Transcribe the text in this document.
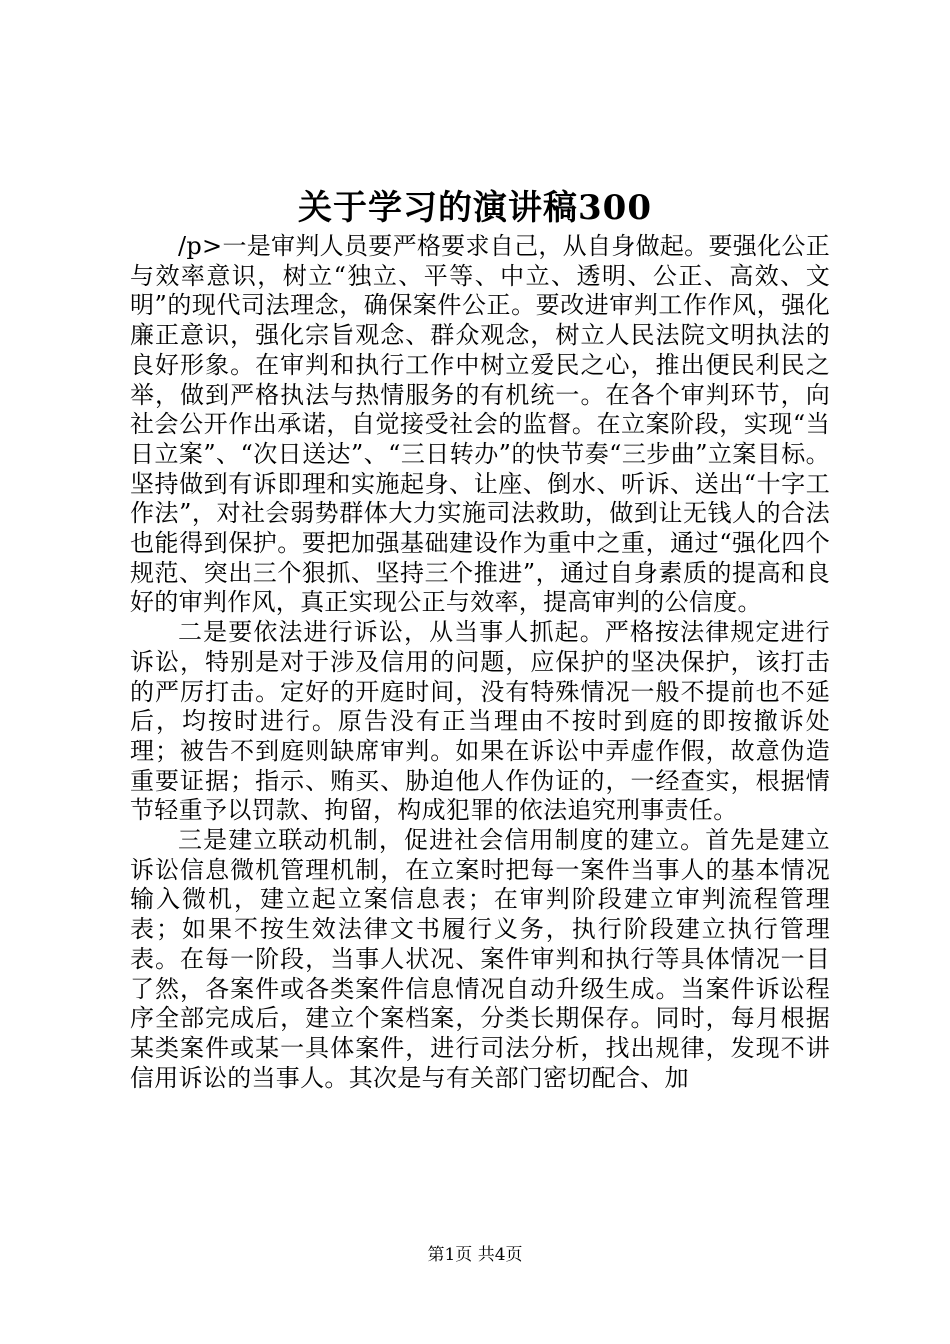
关于学习的演讲稿300

/p>一是审判人员要严格要求自己，从自身做起。要强化公正与效率意识，树立“独立、平等、中立、透明、公正、高效、文明”的现代司法理念，确保案件公正。要改进审判工作作风，强化廉正意识，强化宗旨观念、群众观念，树立人民法院文明执法的良好形象。在审判和执行工作中树立爱民之心，推出便民利民之举，做到严格执法与热情服务的有机统一。在各个审判环节，向社会公开作出承诺，自觉接受社会的监督。在立案阶段，实现“当日立案”、“次日送达”、“三日转办”的快节奏“三步曲”立案目标。坚持做到有诉即理和实施起身、让座、倒水、听诉、送出“十字工作法”，对社会弱势群体大力实施司法救助，做到让无钱人的合法也能得到保护。要把加强基础建设作为重中之重，通过“强化四个规范、突出三个狠抓、坚持三个推进”，通过自身素质的提高和良好的审判作风，真正实现公正与效率，提高审判的公信度。

二是要依法进行诉讼，从当事人抓起。严格按法律规定进行诉讼，特别是对于涉及信用的问题，应保护的坚决保护，该打击的严厉打击。定好的开庭时间，没有特殊情况一般不提前也不延后，均按时进行。原告没有正当理由不按时到庭的即按撤诉处理；被告不到庭则缺席审判。如果在诉讼中弄虚作假，故意伪造重要证据；指示、贿买、胁迫他人作伪证的，一经查实，根据情节轻重予以罚款、拘留，构成犯罪的依法追究刑事责任。

三是建立联动机制，促进社会信用制度的建立。首先是建立诉讼信息微机管理机制，在立案时把每一案件当事人的基本情况输入微机，建立起立案信息表；在审判阶段建立审判流程管理表；如果不按生效法律文书履行义务，执行阶段建立执行管理表。在每一阶段，当事人状况、案件审判和执行等具体情况一目了然，各案件或各类案件信息情况自动升级生成。当案件诉讼程序全部完成后，建立个案档案，分类长期保存。同时，每月根据某类案件或某一具体案件，进行司法分析，找出规律，发现不讲信用诉讼的当事人。其次是与有关部门密切配合、加

第1页 共4页
